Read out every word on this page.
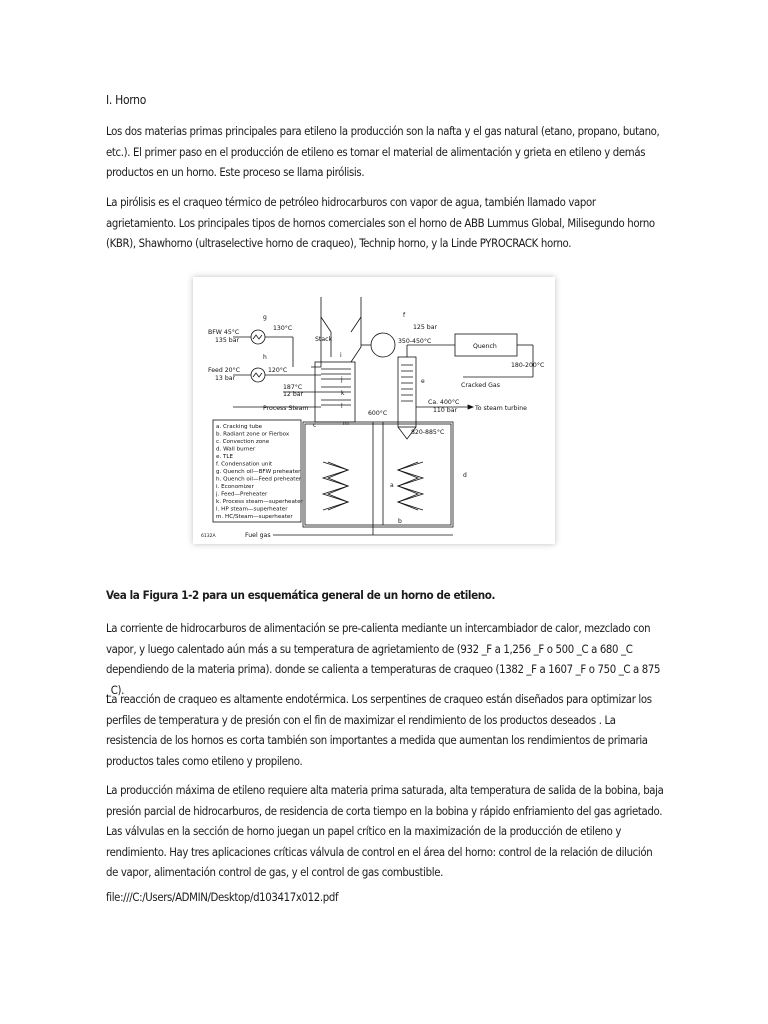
I. Horno
Los dos materias primas principales para etileno la producción son la nafta y el gas natural (etano, propano, butano, etc.). El primer paso en el producción de etileno es tomar el material de alimentación y grieta en etileno y demás productos en un horno. Este proceso se llama pirólisis.
La pirólisis es el craqueo térmico de petróleo hidrocarburos con vapor de agua, también llamado vapor agrietamiento. Los principales tipos de hornos comerciales son el horno de ABB Lummus Global, Milisegundo horno (KBR), Shawhorno (ultraselective horno de craqueo), Technip horno, y la Linde PYROCRACK horno.
Vea la Figura 1-2 para un esquemática general de un horno de etileno.
La corriente de hidrocarburos de alimentación se pre-calienta mediante un intercambiador de calor, mezclado con vapor, y luego calentado aún más a su temperatura de agrietamiento de (932 _F a 1,256 _F o 500 _C a 680 _C dependiendo de la materia prima). donde se calienta a temperaturas de craqueo (1382 _F a 1607 _F o 750 _C a 875 _C).
La reacción de craqueo es altamente endotérmica. Los serpentines de craqueo están diseñados para optimizar los perfiles de temperatura y de presión con el fin de maximizar el rendimiento de los productos deseados . La resistencia de los hornos es corta también son importantes a medida que aumentan los rendimientos de primaria productos tales como etileno y propileno.
La producción máxima de etileno requiere alta materia prima saturada, alta temperatura de salida de la bobina, baja presión parcial de hidrocarburos, de residencia de corta tiempo en la bobina y rápido enfriamiento del gas agrietado. Las válvulas en la sección de horno juegan un papel crítico en la maximización de la producción de etileno y rendimiento. Hay tres aplicaciones críticas válvula de control en el área del horno: control de la relación de dilución de vapor, alimentación control de gas, y el control de gas combustible.
file:///C:/Users/ADMIN/Desktop/d103417x012.pdf
BFW 45°C
135 bar
130°C
Feed 20°C
13 bar
120°C
187°C
12 bar
Process Steam
Stack
125 bar
350-450°C
Quench
180-200°C
Cracked Gas
Ca. 400°C
110 bar	To steam turbine
600°C
820-885°C
Fuel gas
6132A
g
h	i
j
k
l
m
c
f
e
d
a
b
a. Cracking tube
b. Radiant zone or Fierbox
c. Convection zone
d. Wall burner
e. TLE
f. Condensation unit
g. Quench oil—BFW preheater
h. Quench oil—Feed preheater
i. Economizer
j. Feed—Preheater
k. Process steam—superheater
l. HP steam—superheater
m. HC/Steam—superheater
